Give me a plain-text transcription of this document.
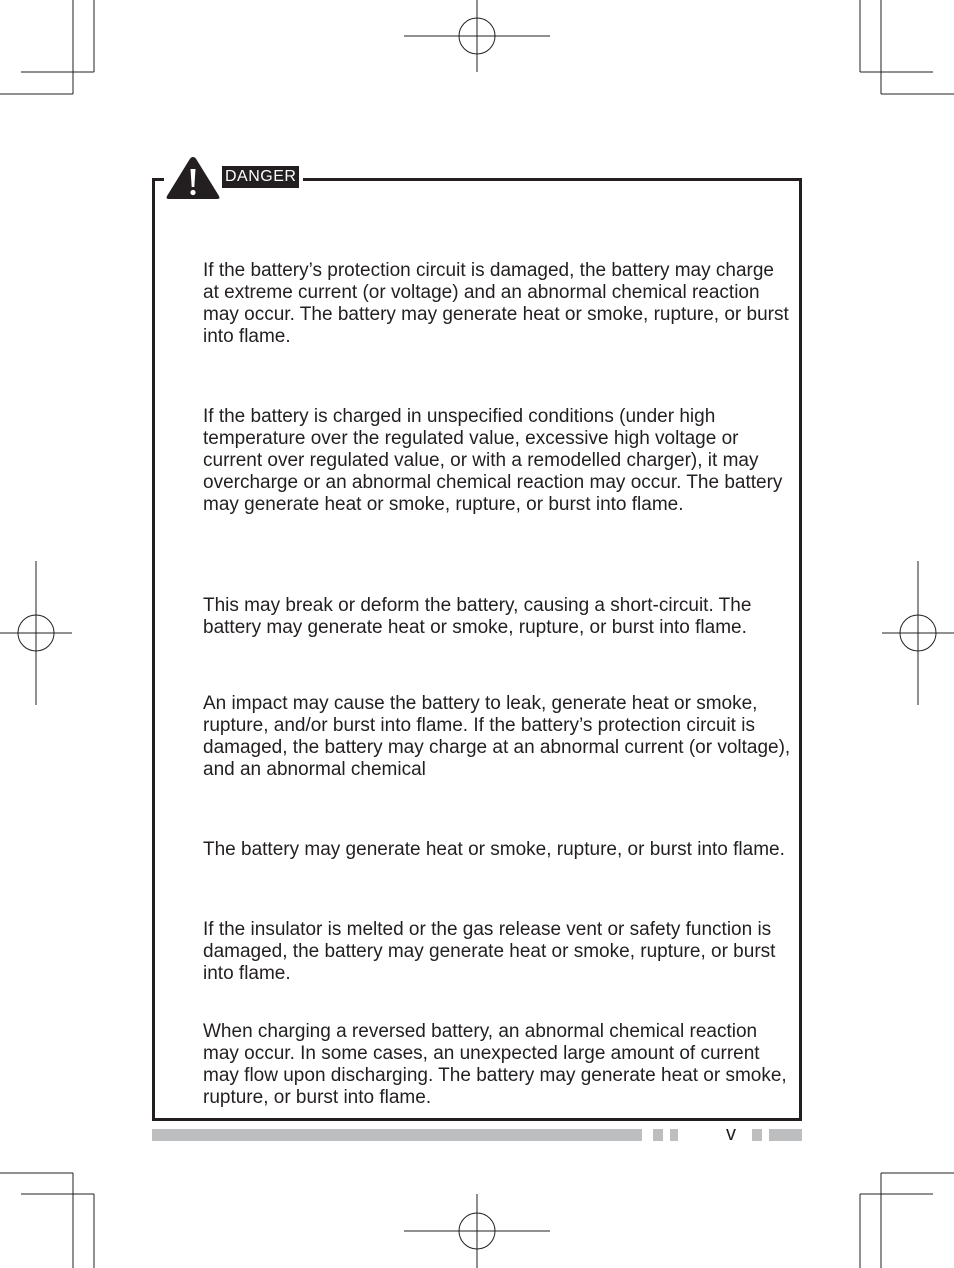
DANGER

If the battery’s protection circuit is damaged, the battery may charge at extreme current (or voltage) and an abnormal chemical reaction may occur. The battery may generate heat or smoke, rupture, or burst into flame.

If the battery is charged in unspecified conditions (under high temperature over the regulated value, excessive high voltage or current over regulated value, or with a remodelled charger), it may overcharge or an abnormal chemical reaction may occur. The battery may generate heat or smoke, rupture, or burst into flame.

This may break or deform the battery, causing a short-circuit. The battery may generate heat or smoke, rupture, or burst into flame.

An impact may cause the battery to leak, generate heat or smoke, rupture, and/or burst into flame. If the battery’s protection circuit is damaged, the battery may charge at an abnormal current (or voltage), and an abnormal chemical

The battery may generate heat or smoke, rupture, or burst into flame.

If the insulator is melted or the gas release vent or safety function is damaged, the battery may generate heat or smoke, rupture, or burst into flame.

When charging a reversed battery, an abnormal chemical reaction may occur. In some cases, an unexpected large amount of current may flow upon discharging. The battery may generate heat or smoke, rupture, or burst into flame.

v
